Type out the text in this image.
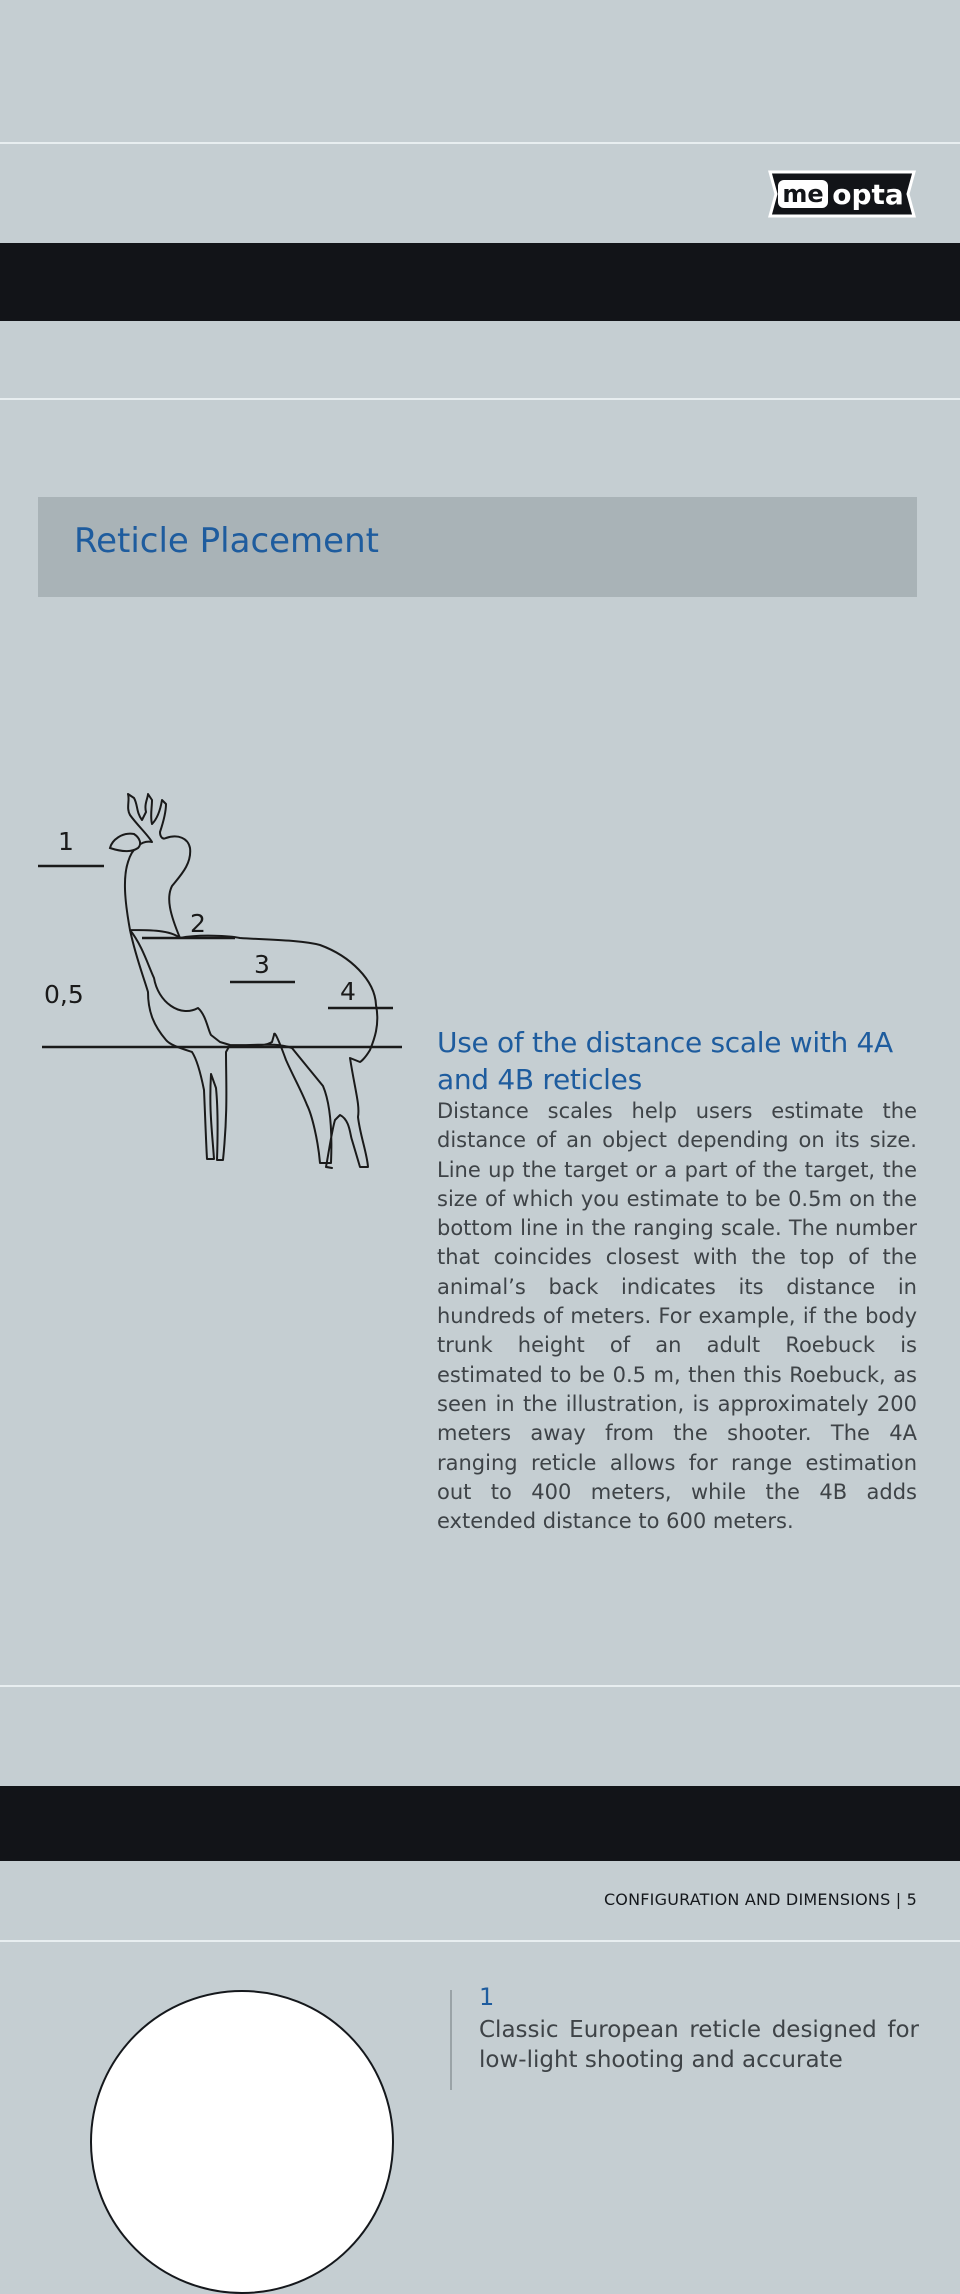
me opta
Reticle Placement
1
2
3
4
0,5
Use of the distance scale with 4A and 4B reticles
Distance scales help users estimate the distance of an object depending on its size. Line up the target or a part of the target, the size of which you estimate to be 0.5m on the bottom line in the ranging scale. The number that coincides closest with the top of the animal’s back indicates its distance in hundreds of meters. For example, if the body trunk height of an adult Roebuck is estimated to be 0.5 m, then this Roebuck, as seen in the illustration, is approximately 200 meters away from the shooter. The 4A ranging reticle allows for range estimation out to 400 meters, while the 4B adds extended distance to 600 meters.
CONFIGURATION AND DIMENSIONS | 5
1
Classic European reticle designed for low-light shooting and accurate
